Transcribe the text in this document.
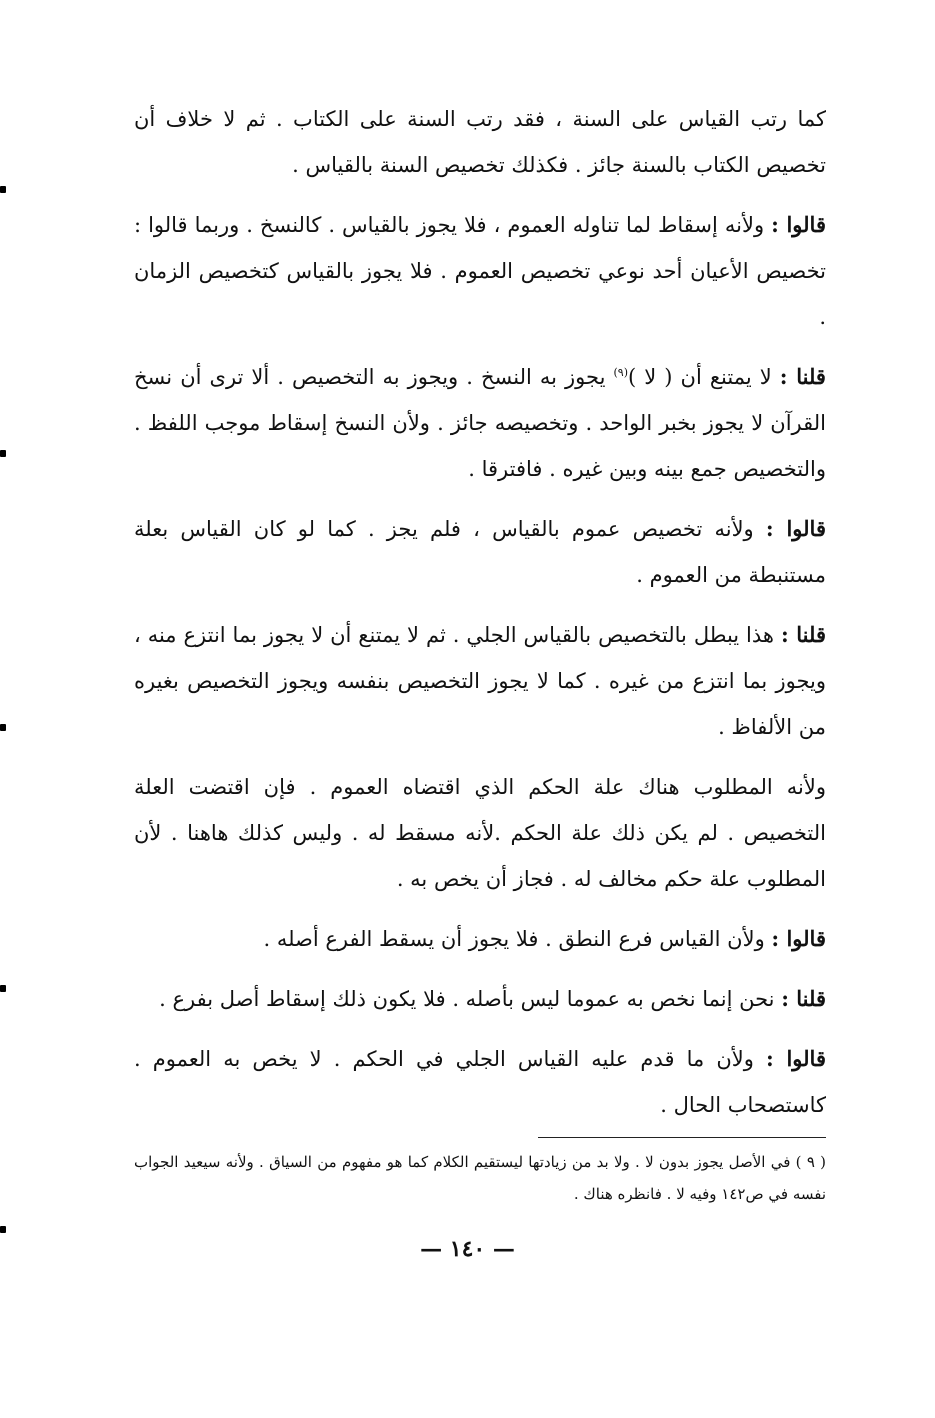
كما رتب القياس على السنة ، فقد رتب السنة على الكتاب . ثم لا خلاف أن تخصيص الكتاب بالسنة جائز . فكذلك تخصيص السنة بالقياس .

قالوا : ولأنه إسقاط لما تناوله العموم ، فلا يجوز بالقياس . كالنسخ . وربما قالوا : تخصيص الأعيان أحد نوعي تخصيص العموم . فلا يجوز بالقياس كتخصيص الزمان .

قلنا : لا يمتنع أن ( لا )$^{(٩)}$ يجوز به النسخ . ويجوز به التخصيص . ألا ترى أن نسخ القرآن لا يجوز بخبر الواحد . وتخصيصه جائز . ولأن النسخ إسقاط موجب اللفظ . والتخصيص جمع بينه وبين غيره . فافترقا .

قالوا : ولأنه تخصيص عموم بالقياس ، فلم يجز . كما لو كان القياس بعلة مستنبطة من العموم .

قلنا : هذا يبطل بالتخصيص بالقياس الجلي . ثم لا يمتنع أن لا يجوز بما انتزع منه ، ويجوز بما انتزع من غيره . كما لا يجوز التخصيص بنفسه ويجوز التخصيص بغيره من الألفاظ .

ولأنه المطلوب هناك علة الحكم الذي اقتضاه العموم . فإن اقتضت العلة التخصيص . لم يكن ذلك علة الحكم .لأنه مسقط له . وليس كذلك هاهنا . لأن المطلوب علة حكم مخالف له . فجاز أن يخص به .

قالوا : ولأن القياس فرع النطق . فلا يجوز أن يسقط الفرع أصله .

قلنا : نحن إنما نخص به عموما ليس بأصله . فلا يكون ذلك إسقاط أصل بفرع .

قالوا : ولأن ما قدم عليه القياس الجلي في الحكم . لا يخص به العموم . كاستصحاب الحال .

( ٩ ) في الأصل يجوز بدون لا . ولا بد من زيادتها ليستقيم الكلام كما هو مفهوم من السياق . ولأنه سيعيد الجواب نفسه في ص١٤٢ وفيه لا . فانظره هناك .
— ١٤٠ —
